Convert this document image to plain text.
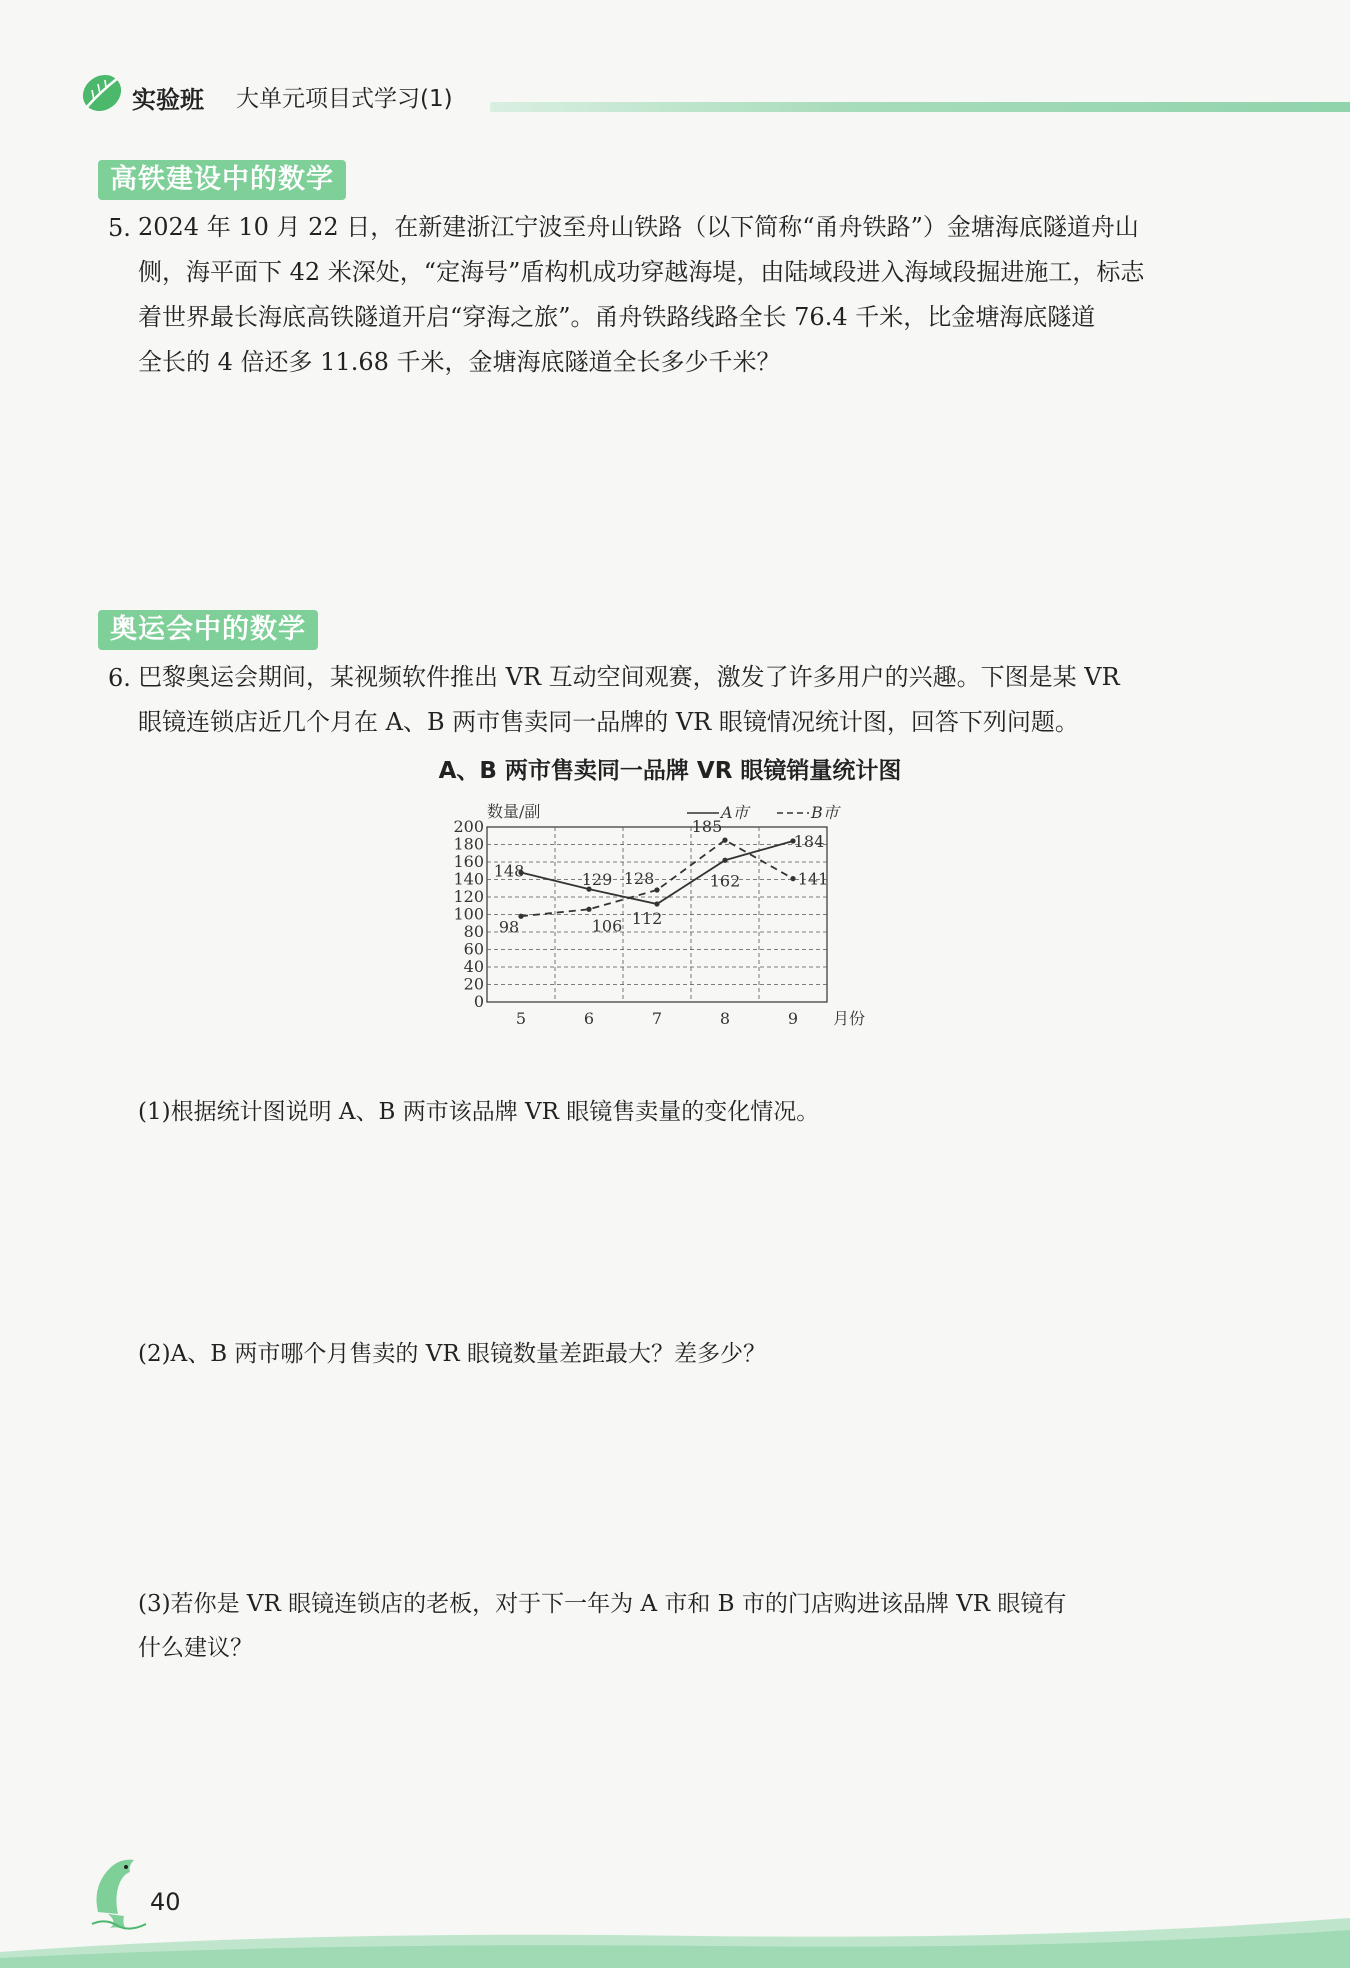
实验班 大单元项目式学习(1)
高铁建设中的数学
5. 2024 年 10 月 22 日，在新建浙江宁波至舟山铁路（以下简称“甬舟铁路”）金塘海底隧道舟山
侧，海平面下 42 米深处，“定海号”盾构机成功穿越海堤，由陆域段进入海域段掘进施工，标志
着世界最长海底高铁隧道开启“穿海之旅”。甬舟铁路线路全长 76.4 千米，比金塘海底隧道
全长的 4 倍还多 11.68 千米，金塘海底隧道全长多少千米？
奥运会中的数学
6. 巴黎奥运会期间，某视频软件推出 VR 互动空间观赛，激发了许多用户的兴趣。下图是某 VR
眼镜连锁店近几个月在 A、B 两市售卖同一品牌的 VR 眼镜情况统计图，回答下列问题。
A、B 两市售卖同一品牌 VR 眼镜销量统计图
0
20
40
60
80
100
120
140
160
180
200
5	6	7	8	9
数量/副
月份
A市	B市
148	129
112
162
184
98	106
128
185
141
(1)根据统计图说明 A、B 两市该品牌 VR 眼镜售卖量的变化情况。
(2)A、B 两市哪个月售卖的 VR 眼镜数量差距最大？差多少？
(3)若你是 VR 眼镜连锁店的老板，对于下一年为 A 市和 B 市的门店购进该品牌 VR 眼镜有
什么建议？
40
